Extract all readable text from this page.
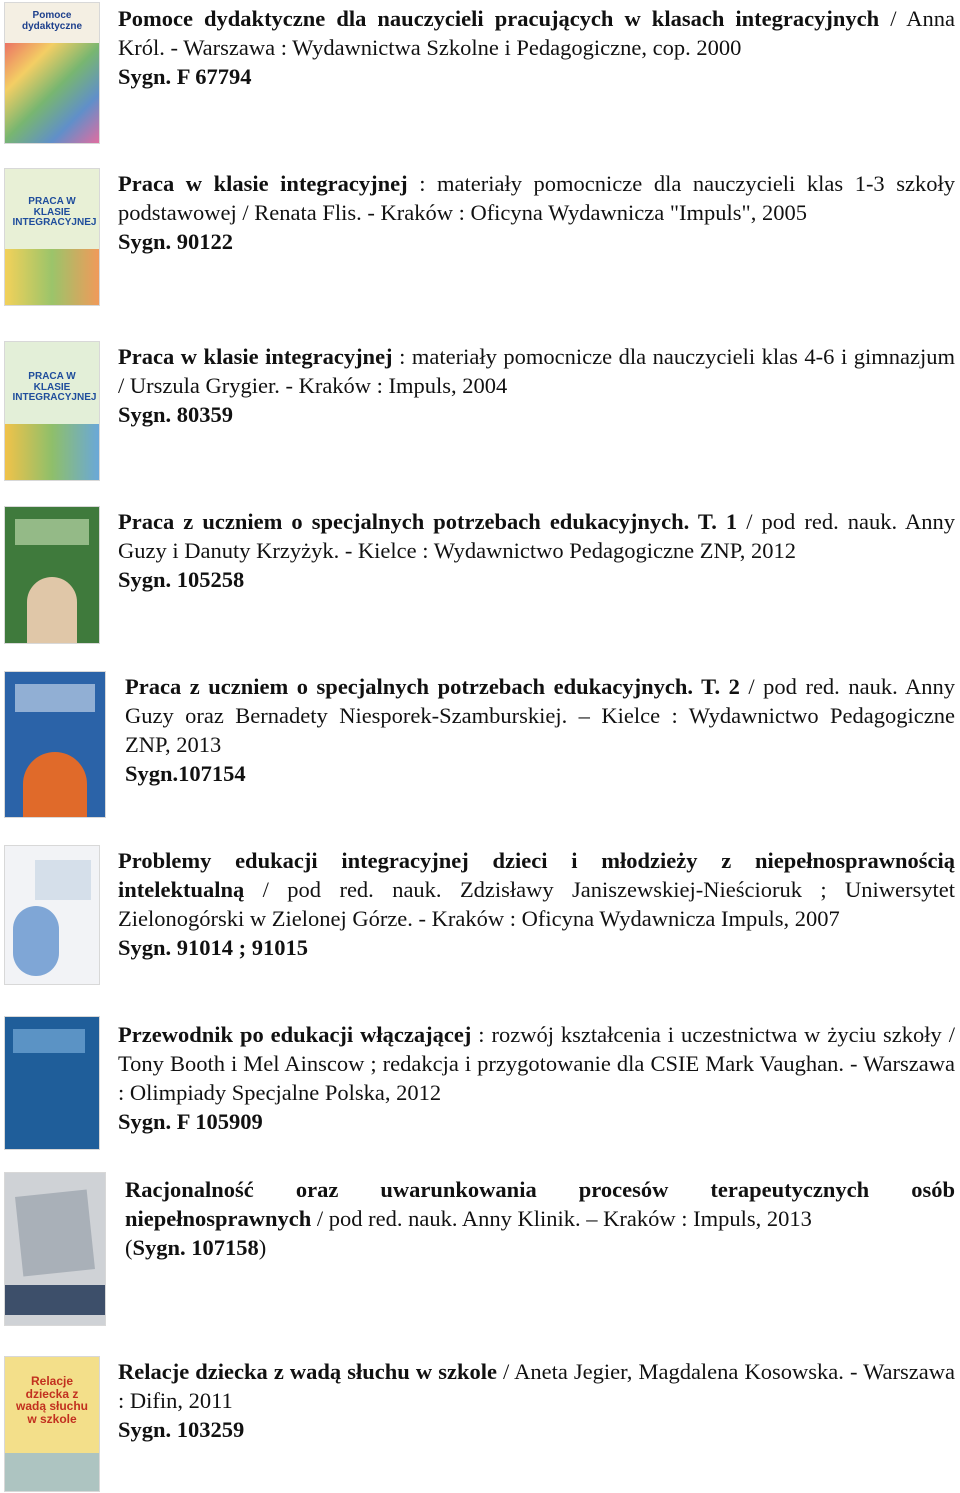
Pomoce dydaktyczne	Pomoce dydaktyczne dla nauczycieli pracujących w klasach integracyjnych / Anna Król. - Warszawa : Wydawnictwa Szkolne i Pedagogiczne, cop. 2000

Sygn. F 67794

PRACA W KLASIE INTEGRACYJNEJ

Praca w klasie integracyjnej : materiały pomocnicze dla nauczycieli klas 1-3 szkoły podstawowej / Renata Flis. - Kraków : Oficyna Wydawnicza "Impuls", 2005

Sygn. 90122

PRACA W KLASIE INTEGRACYJNEJ

Praca w klasie integracyjnej : materiały pomocnicze dla nauczycieli klas 4-6 i gimnazjum / Urszula Grygier. - Kraków : Impuls, 2004

Sygn. 80359

Praca z uczniem o specjalnych potrzebach edukacyjnych. T. 1 / pod red. nauk. Anny Guzy i Danuty Krzyżyk. - Kielce : Wydawnictwo Pedagogiczne ZNP, 2012

Sygn. 105258

Praca z uczniem o specjalnych potrzebach edukacyjnych. T. 2 / pod red. nauk. Anny Guzy oraz Bernadety Niesporek-Szamburskiej. – Kielce : Wydawnictwo Pedagogiczne ZNP, 2013

Sygn.107154

Problemy edukacji integracyjnej dzieci i młodzieży z niepełnosprawnością intelektualną / pod red. nauk. Zdzisławy Janiszewskiej-Nieścioruk ; Uniwersytet Zielonogórski w Zielonej Górze. - Kraków : Oficyna Wydawnicza Impuls, 2007

Sygn. 91014 ; 91015

Przewodnik po edukacji włączającej : rozwój kształcenia i uczestnictwa w życiu szkoły / Tony Booth i Mel Ainscow ; redakcja i przygotowanie dla CSIE Mark Vaughan. - Warszawa : Olimpiady Specjalne Polska, 2012

Sygn. F 105909

Racjonalność oraz uwarunkowania procesów terapeutycznych osób niepełnosprawnych / pod red. nauk. Anny Klinik. – Kraków : Impuls, 2013

(Sygn. 107158)

Relacje dziecka z wadą słuchu w szkole

Relacje dziecka z wadą słuchu w szkole / Aneta Jegier, Magdalena Kosowska. - Warszawa : Difin, 2011

Sygn. 103259
